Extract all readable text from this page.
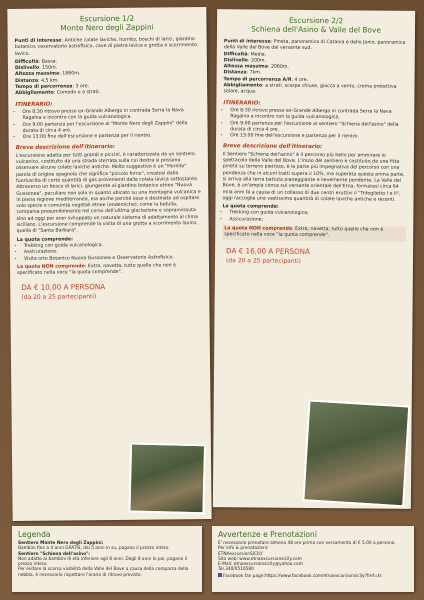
Escursione 1/2
Monte Nero degli Zappini

Punti di interesse: Antiche colate laviche, hornito, boschi di larici, giardino botanico, osservatorio astrofisico, cave di pietra lavica e grotta a scorrimento lavico.

Difficoltà: Bassa.
Dislivello: 150m.
Altezza massima: 1860m.
Distanza: 4,5 km.
Tempo di percorrenza: 3 ore.
Abbigliamento: Comodo e a strati.

ITINERARIO:
• Ore 8:30 ritrovo presso ex-Grande Albergo in contrada Serra la Nava Ragalna e incontro con la guida vulcanologica.
• Ore 9:00 partenza per l'escursione al "Monte Nero degli Zappini" della durata di circa 4 ore.
• Ore 13:00 fine dell'escursione e partenza per il rientro.
Breve descrizione dell'itinerario:

L'escursione adatta per tutti grandi e piccini, è caratterizzata da un sentiero vulcanico, costituito da una strada sterrata sulla cui destra si possono osservare alcune colate laviche antiche. Molto suggestivo è un "Hornito" parola di origine spagnola che significa "piccolo forno", creatosi dalla fuoriuscita di certe quantità di gas provenienti dalla colata lavica sottostante. Attraverso un bosco di larici, giungerete al giardino botanico etneo "Nuova Gussonea", peculiare non solo in quanto ubicato su una montagna vulcanica e in piena regione mediterranea, ma anche perché esso è destinato ad ospitare solo specie e comunità vegetali etnee (endemiche), come la betulla, comparsa presumibilmente nel corso dell'ultima glaciazione e sopravvissuta sino ad oggi per aver sviluppato un naturale sistema di adattamento al clima siciliano. L'escursione comprende la visita di una grotta a scorrimento lavico, quella di "Santa Barbara".

La quota comprende:
• Trekking con guida vulcanologica.
• Assicurazione.
• Visita orto Botanico Nuova Gussonea e Osservatorio Astrofisico.

La quota NON comprende: Extra, navetta, tutto quello che non è specificato nella voce "la quota comprende".

DA € 10,00 A PERSONA
(da 20 a 25 partecipanti)
Escursione 2/2
Schiena dell'Asino & Valle del Bove

Punti di interesse: Pineta, panoramica di Catania e dello Jonio, panoramica della Valle del Bove dal versante sud.
Difficoltà: Media.
Dislivello: 200m.
Altezza massima: 2060m.
Distanza: 7km.
Tempo di percorrenza A/R: 4 ore.
Abbigliamento: a strati, scarpe chiuse, giacca a vento, crema protettiva solare, acqua.

ITINERARIO:
• Ore 8:30 ritrovo presso ex-Grande Albergo in contrada Serra la Nava Ragalna e incontro con la guida vulcanologica.
• Ore 9:00 partenza per l'escursione al sentiero "Schiena dell'asino" della durata di circa 4 ore.
• Ore 13:00 fine dell'escursione e partenza per il rientro.
Breve descrizione dell'itinerario:

Il Sentiero "Schiena dell'asino" è il percorso più bello per ammirare lo spettacolo della Valle del Bove. L'inizio del sentiero è costituito da una fitta pineta su terreno pietroso, è la parte più impegnativa del percorso con una pendenza che in alcuni tratti supera il 10%, ma superata questa prima parte, si arriva alla terra battuta pianeggiante e lievemente pendente. La Valle del Bove, è un'ampia conca sul versante orientale dell'Etna, formatasi circa 64 mila anni fa a causa di un collasso di due centri eruttivi il "Trifoglietto I e II", oggi raccoglie una vastissima quantità di colate laviche antiche e recenti.

La quota comprende:
• Trekking con guida vulcanologica;
• Assicurazione;

La quota NON comprende: Extra, navetta, tutto quello che non è specificato nella voce "la quota comprende".

DA € 16,00 A PERSONA
(da 20 a 25 partecipanti)
Legenda

Sentiero Monte Nero degli Zappini:

Bambini fino a 4 anni GRATIS, dai 5 anni in su, pagano il prezzo intero.

Sentiero "Schiena dell'asino":

Non adatto ai bambini di età inferiore agli 8 anni. Dagli 8 anni in poi, pagano il prezzo intero.

Per evitare la scarsa visibilità della Valle del Bove a causa della comparsa della nebbia, è necessario rispettare l'orario di ritrovo previsto.

Avvertenze e Prenotazioni

E' necessario prenotare almeno 48 ore prima con versamento di € 5,00 a persona.

Per info & prenotazioni:

ETNAexcursionSICILY

Sito web: www.etnaexcursionsicily.com

E-Mail: etnaexcursionsicily@yahoo.com

Tel.340/0516580

Facebook fan page:https://www.facebook.com/etnaexcursionsicily?fref=ts
